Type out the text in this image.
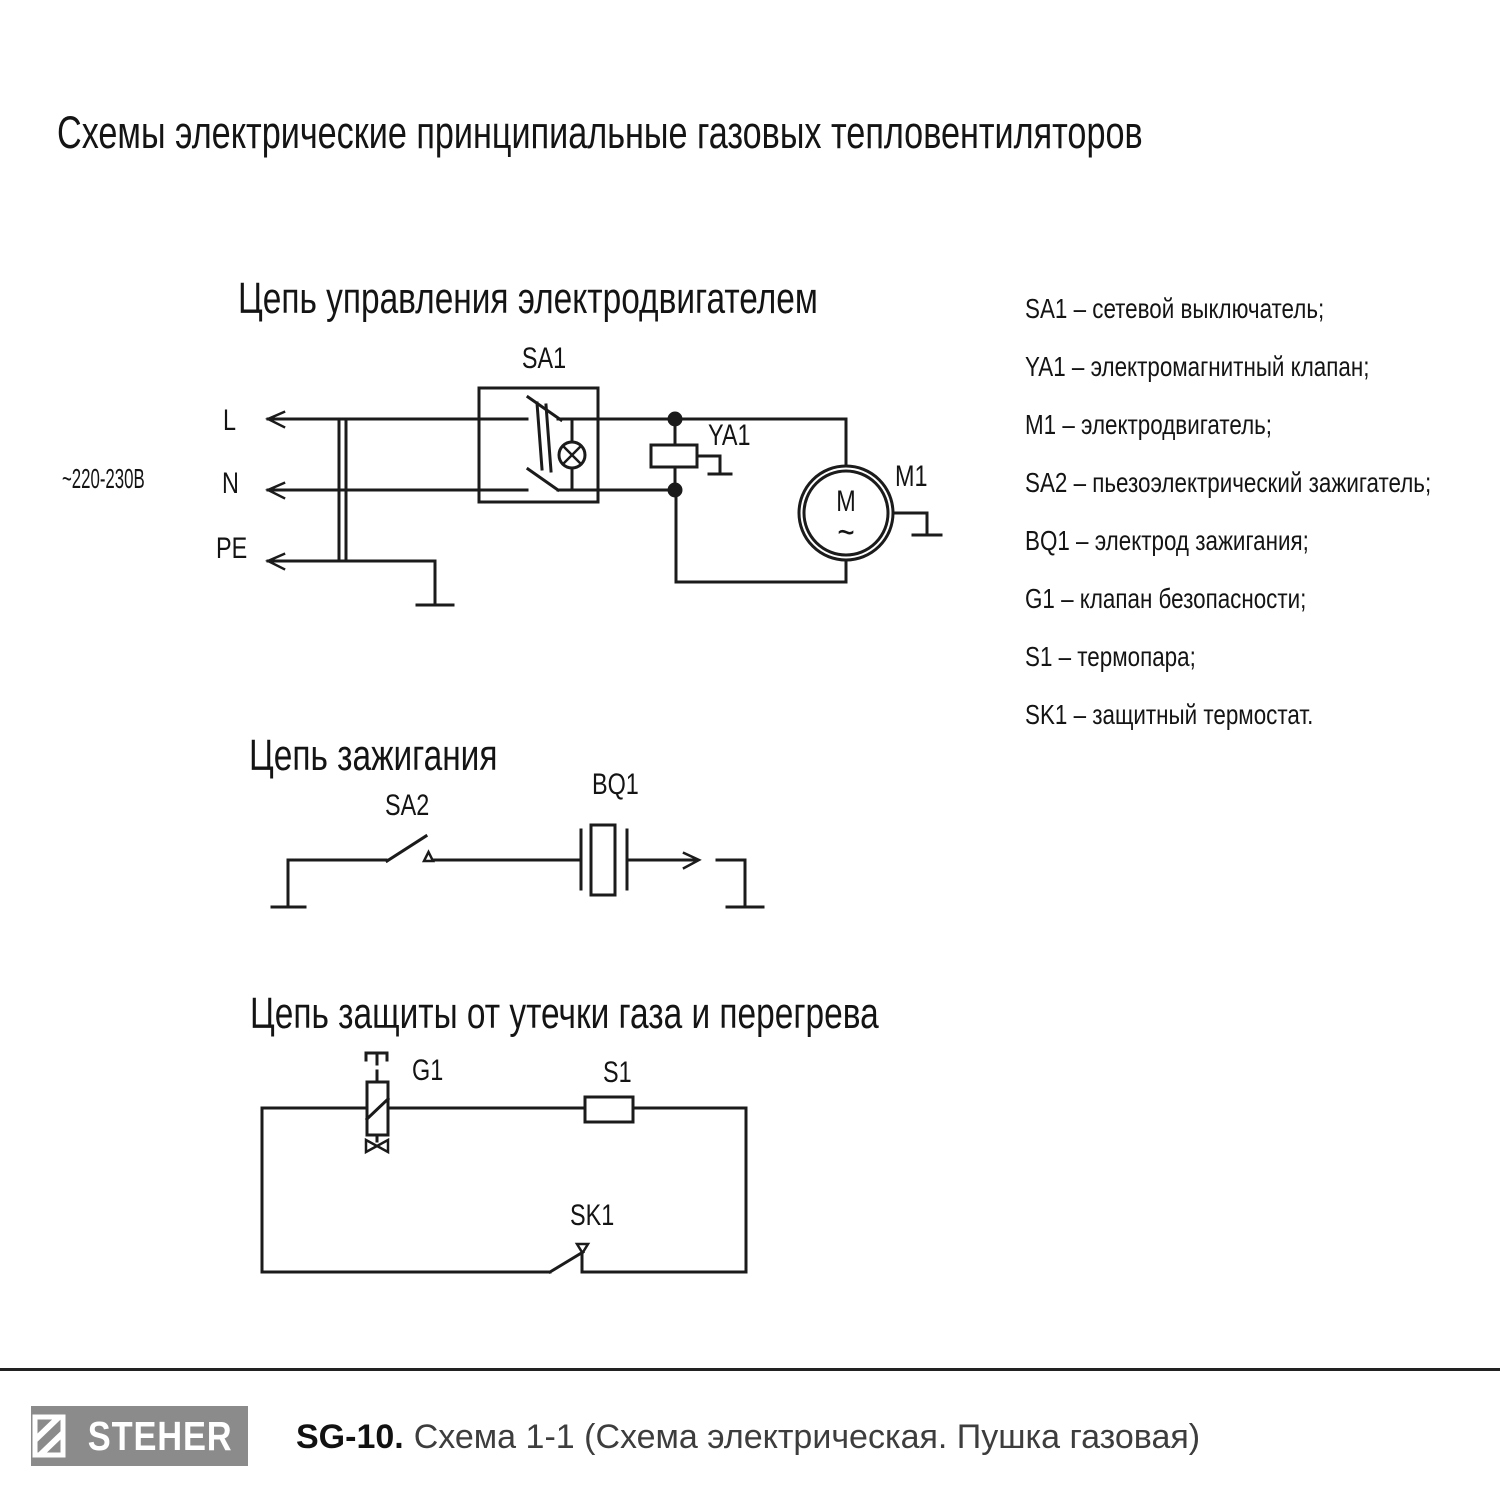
Схемы электрические принципиальные газовых тепловентиляторов
Цепь управления электродвигателем
SA1
~220-230В
L
N
PE
YA1
M1
M
~
Цепь зажигания
SA2
BQ1
Цепь защиты от утечки газа и перегрева
G1	S1
SK1
SA1 – сетевой выключатель;
YA1 – электромагнитный клапан;
M1 – электродвигатель;
SA2 – пьезоэлектрический зажигатель;
BQ1 – электрод зажигания;
G1 – клапан безопасности;
S1 – термопара;
SK1 – защитный термостат.
STEHER SG-10. Схема 1-1 (Схема электрическая. Пушка газовая)
